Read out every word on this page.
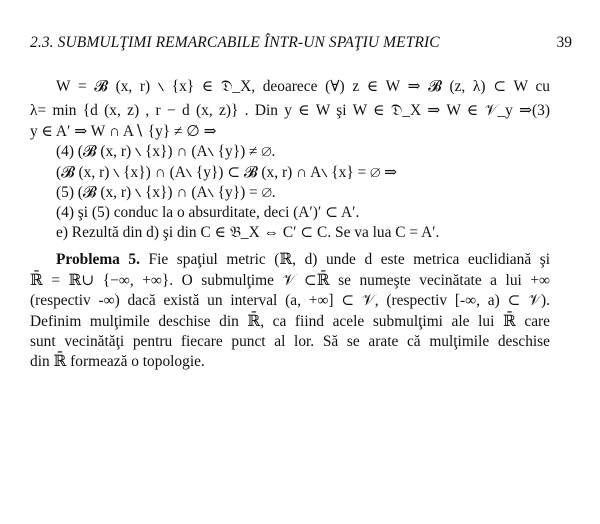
2.3. SUBMULŢIMI REMARCABILE ÎNTR-UN SPAŢIU METRIC	39
W = 𝓑 (x, r) ∖ {x} ∈ 𝔇_X, deoarece (∀) z ∈ W ⇒ 𝓑 (z, λ) ⊂ W cu
λ= min {d (x, z) , r − d (x, z)} . Din y ∈ W şi W ∈ 𝔇_X ⇒ W ∈ 𝒱_y ⇒(3)
y ∈ A′ ⇒ W ∩ A∖ {y} ≠ ∅ ⇒
(4) (𝓑 (x, r) ∖ {x}) ∩ (A∖ {y}) ≠ ∅.
(𝓑 (x, r) ∖ {x}) ∩ (A∖ {y}) ⊂ 𝓑 (x, r) ∩ A∖ {x} = ∅ ⇒
(5) (𝓑 (x, r) ∖ {x}) ∩ (A∖ {y}) = ∅.
(4) şi (5) conduc la o absurditate, deci (A′)′ ⊂ A′.
e) Rezultă din d) şi din C ∈ 𝔅_X ⇔ C′ ⊂ C. Se va lua C = A′.
Problema 5. Fie spaţiul metric (ℝ, d) unde d este metrica euclidiană şi
ℝ̄ = ℝ∪ {−∞, +∞}. O submulţime 𝒱 ⊂ℝ̄ se numeşte vecinătate a lui +∞
(respectiv -∞) dacă există un interval (a, +∞] ⊂ 𝒱, (respectiv [-∞, a) ⊂ 𝒱).
Definim mulţimile deschise din ℝ̄, ca fiind acele submulţimi ale lui ℝ̄ care
sunt vecinătăţi pentru fiecare punct al lor. Să se arate că mulţimile deschise
din ℝ̄ formează o topologie.
